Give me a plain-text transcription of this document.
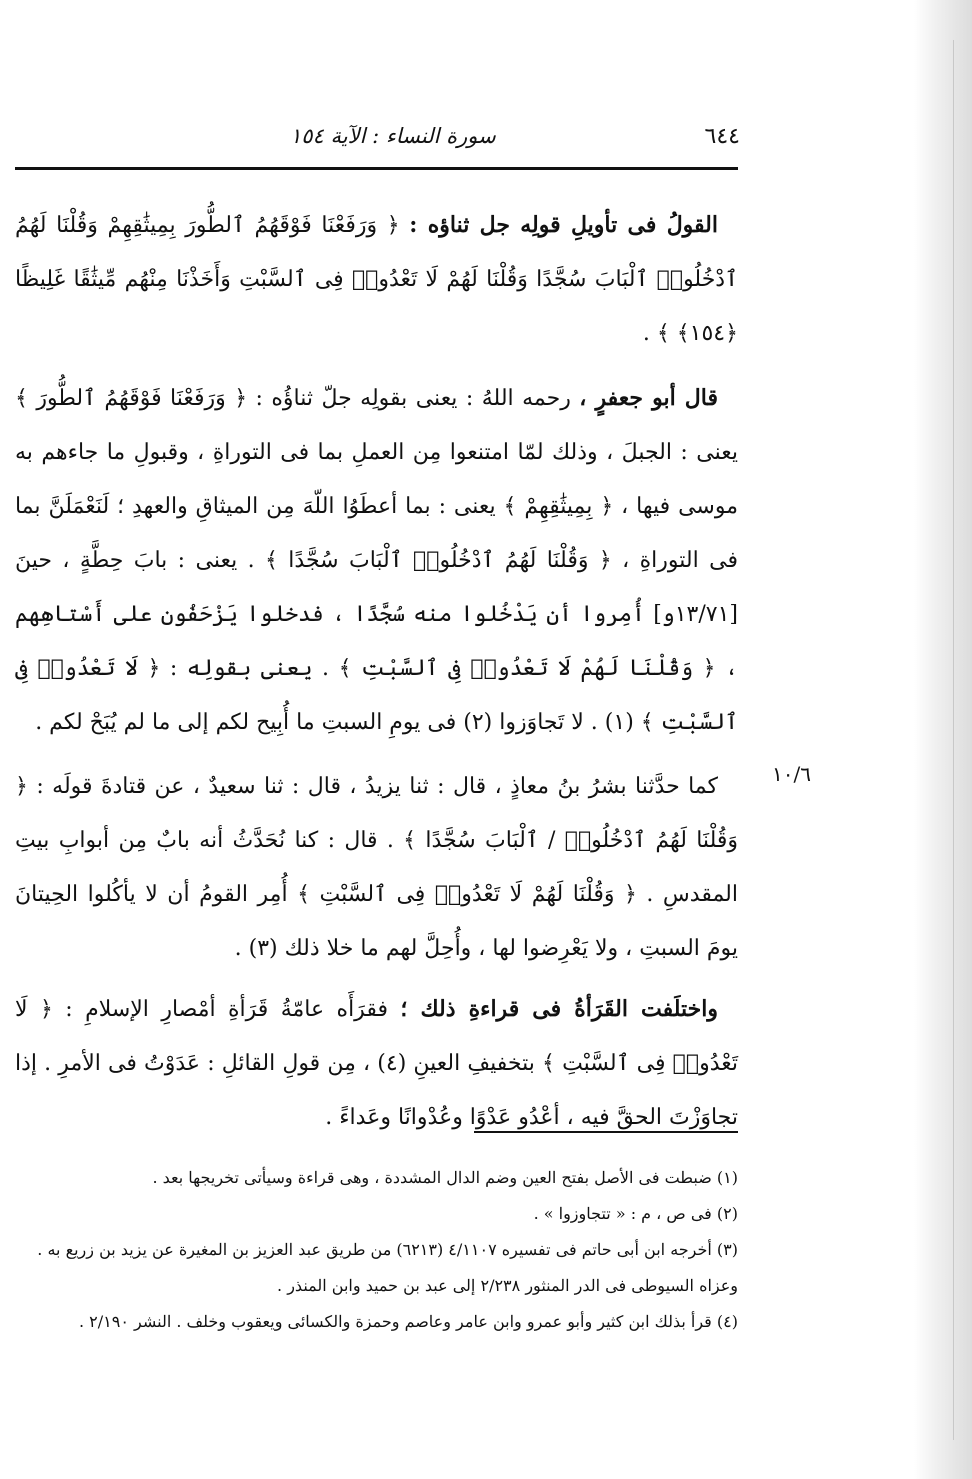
٦٤٤
سورة النساء : الآية ١٥٤

القولُ فى تأويلِ قولِه جل ثناؤه : ﴿ وَرَفَعْنَا فَوْقَهُمُ ٱلطُّورَ بِمِيثَٰقِهِمْ وَقُلْنَا لَهُمُ ٱدْخُلُوا۟ ٱلْبَابَ سُجَّدًا وَقُلْنَا لَهُمْ لَا تَعْدُوا۟ فِى ٱلسَّبْتِ وَأَخَذْنَا مِنْهُم مِّيثَٰقًا غَلِيظًا ﴿١٥٤﴾ ﴾ .

قال أبو جعفرٍ ، رحمه اللهُ : يعنى بقولِه جلّ ثناؤُه : ﴿ وَرَفَعْنَا فَوْقَهُمُ ٱلطُّورَ ﴾ يعنى : الجبلَ ، وذلك لمّا امتنعوا مِن العملِ بما فى التوراةِ ، وقبولِ ما جاءهم به موسى فيها ، ﴿ بِمِيثَٰقِهِمْ ﴾ يعنى : بما أعطَوُا اللّهَ مِن الميثاقِ والعهدِ ؛ لَنَعْمَلَنَّ بما فى التوراةِ ، ﴿ وَقُلْنَا لَهُمُ ٱدْخُلُوا۟ ٱلْبَابَ سُجَّدًا ﴾ . يعنى : بابَ حِطَّةٍ ، حينَ [١٣/٧١و] أُمِروا أن يَدْخُلوا منه سُجَّدًا ، فدخلوا يَزْحَفُون على أَسْتاهِهم ، ﴿ وَقُلْنَا لَهُمْ لَا تَعْدُوا۟ فِى ٱلسَّبْتِ ﴾ . يعنى بقولِه : ﴿ لَا تَعْدُوا۟ فِى ٱلسَّبْتِ ﴾ (١) . لا تَجاوَزوا (٢) فى يومِ السبتِ ما أُبِيح لكم إلى ما لم يُبَحْ لكم .

كما حدَّثنا بشرُ بنُ معاذٍ ، قال : ثنا يزيدُ ، قال : ثنا سعيدٌ ، عن قتادةَ قولَه : ﴿ وَقُلْنَا لَهُمُ ٱدْخُلُوا۟ / ٱلْبَابَ سُجَّدًا ﴾ . قال : كنا نُحَدَّثُ أنه بابٌ مِن أبوابِ بيتِ المقدسِ . ﴿ وَقُلْنَا لَهُمْ لَا تَعْدُوا۟ فِى ٱلسَّبْتِ ﴾ أُمِر القومُ أن لا يأكُلوا الحِيتانَ يومَ السبتِ ، ولا يَعْرِضوا لها ، وأُحِلَّ لهم ما خلا ذلك (٣) .

واختلَفت القَرَأةُ فى قراءةِ ذلك ؛ فقرَأَه عامّةُ قَرَأةِ أمْصارِ الإسلامِ : ﴿ لَا تَعْدُوا۟ فِى ٱلسَّبْتِ ﴾ بتخفيفِ العينِ (٤) ، مِن قولِ القائلِ : عَدَوْتُ فى الأمرِ . إذا تجاوَزْتَ الحقَّ فيه ، أعْدُو عَدْوًا وعُدْوانًا وعَداءً .

١٠/٦

(١) ضبطت فى الأصل بفتح العين وضم الدال المشددة ، وهى قراءة وسيأتى تخريجها بعد .

(٢) فى ص ، م : « تتجاوزوا » .

(٣) أخرجه ابن أبى حاتم فى تفسيره ٤/١١٠٧ (٦٢١٣) من طريق عبد العزيز بن المغيرة عن يزيد بن زريع به .

وعزاه السيوطى فى الدر المنثور ٢/٢٣٨ إلى عبد بن حميد وابن المنذر .

(٤) قرأ بذلك ابن كثير وأبو عمرو وابن عامر وعاصم وحمزة والكسائى ويعقوب وخلف . النشر ٢/١٩٠ .
